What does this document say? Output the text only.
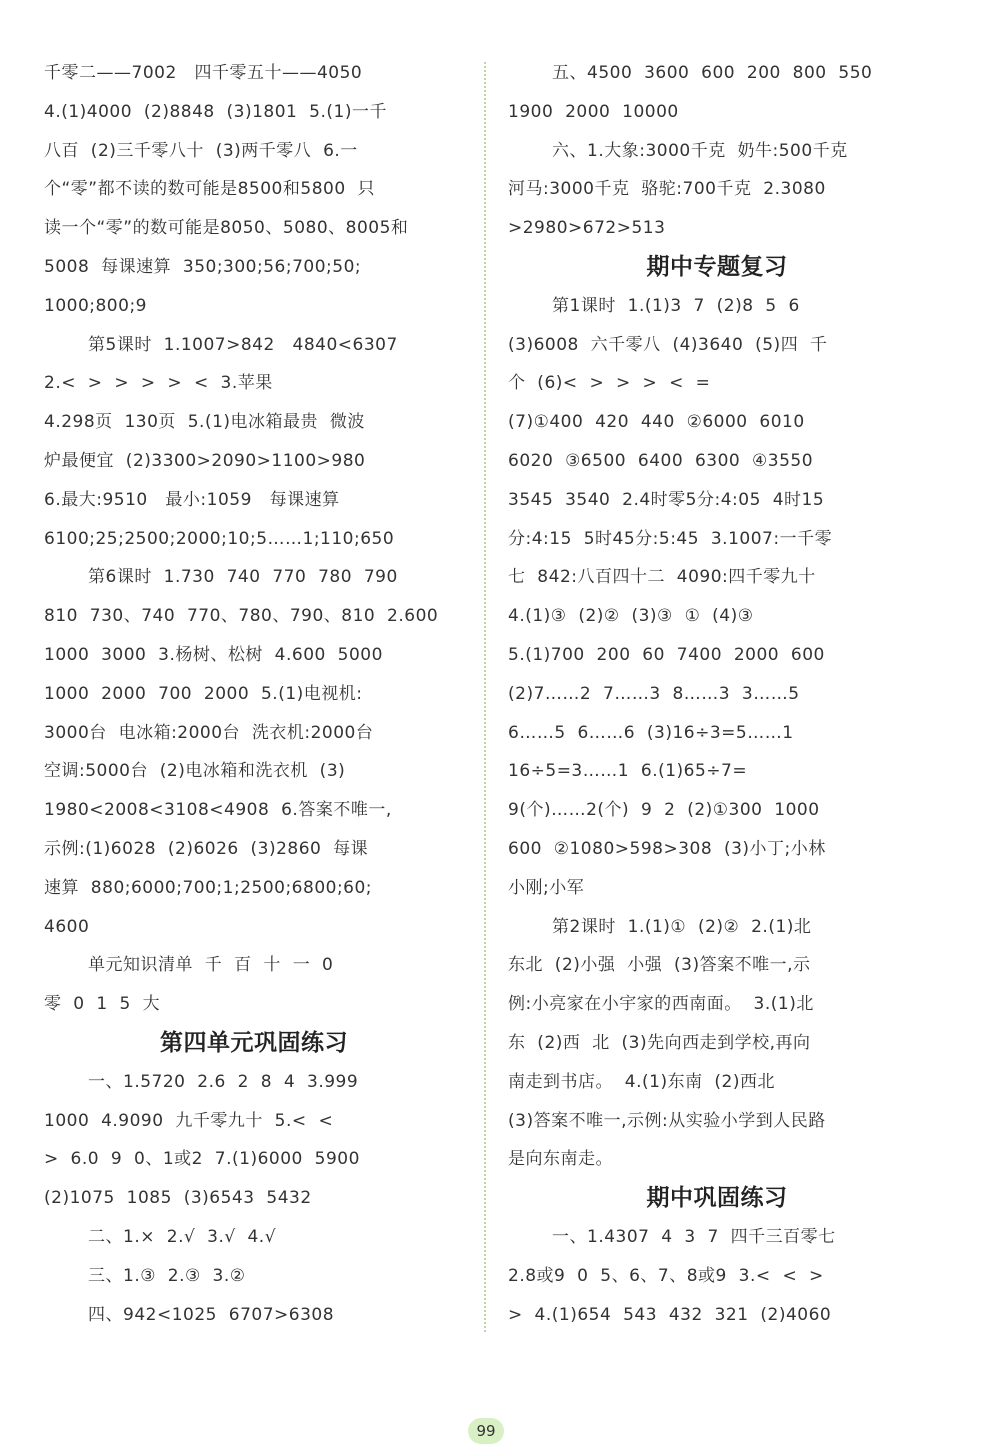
千零二——7002   四千零五十——4050
4.(1)4000  (2)8848  (3)1801  5.(1)一千
八百  (2)三千零八十  (3)两千零八  6.一
个“零”都不读的数可能是8500和5800  只
读一个“零”的数可能是8050、5080、8005和
5008  每课速算  350;300;56;700;50;
1000;800;9
第5课时  1.1007>842   4840<6307
2.<  >  >  >  >  <  3.苹果
4.298页  130页  5.(1)电冰箱最贵  微波
炉最便宜  (2)3300>2090>1100>980
6.最大:9510   最小:1059   每课速算
6100;25;2500;2000;10;5……1;110;650
第6课时  1.730  740  770  780  790
810  730、740  770、780、790、810  2.600
1000  3000  3.杨树、松树  4.600  5000
1000  2000  700  2000  5.(1)电视机:
3000台  电冰箱:2000台  洗衣机:2000台
空调:5000台  (2)电冰箱和洗衣机  (3)
1980<2008<3108<4908  6.答案不唯一,
示例:(1)6028  (2)6026  (3)2860  每课
速算  880;6000;700;1;2500;6800;60;
4600
单元知识清单  千  百  十  一  0
零  0  1  5  大
第四单元巩固练习
一、1.5720  2.6  2  8  4  3.999
1000  4.9090  九千零九十  5.<  <
>  6.0  9  0、1或2  7.(1)6000  5900
(2)1075  1085  (3)6543  5432
二、1.×  2.√  3.√  4.√
三、1.③  2.③  3.②
四、942<1025  6707>6308
五、4500  3600  600  200  800  550
1900  2000  10000
六、1.大象:3000千克  奶牛:500千克
河马:3000千克  骆驼:700千克  2.3080
>2980>672>513
期中专题复习
第1课时  1.(1)3  7  (2)8  5  6
(3)6008  六千零八  (4)3640  (5)四  千
个  (6)<  >  >  >  <  =
(7)①400  420  440  ②6000  6010
6020  ③6500  6400  6300  ④3550
3545  3540  2.4时零5分:4:05  4时15
分:4:15  5时45分:5:45  3.1007:一千零
七  842:八百四十二  4090:四千零九十
4.(1)③  (2)②  (3)③  ①  (4)③
5.(1)700  200  60  7400  2000  600
(2)7……2  7……3  8……3  3……5
6……5  6……6  (3)16÷3=5……1
16÷5=3……1  6.(1)65÷7=
9(个)……2(个)  9  2  (2)①300  1000
600  ②1080>598>308  (3)小丁;小林
小刚;小军
第2课时  1.(1)①  (2)②  2.(1)北
东北  (2)小强  小强  (3)答案不唯一,示
例:小亮家在小宇家的西南面。  3.(1)北
东  (2)西  北  (3)先向西走到学校,再向
南走到书店。  4.(1)东南  (2)西北
(3)答案不唯一,示例:从实验小学到人民路
是向东南走。
期中巩固练习
一、1.4307  4  3  7  四千三百零七
2.8或9  0  5、6、7、8或9  3.<  <  >
>  4.(1)654  543  432  321  (2)4060
99
